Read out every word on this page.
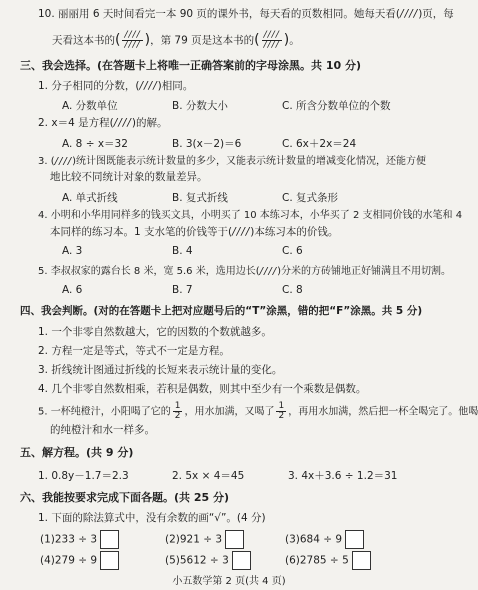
10. 丽丽用 6 天时间看完一本 90 页的课外书，每天看的页数相同。她每天看(////)页，每
天看这本书的( $\frac{////}{////}$ )，第 79 页是这本书的( $\frac{////}{////}$ )。
三、我会选择。(在答题卡上将唯一正确答案前的字母涂黑。共 10 分)
1. 分子相同的分数，(////)相同。
A. 分数单位	B. 分数大小	C. 所含分数单位的个数
2. x＝4 是方程(////)的解。
A. 8 ÷ x＝32	B. 3(x－2)＝6	C. 6x＋2x＝24
3. (////)统计图既能表示统计数量的多少，又能表示统计数量的增减变化情况，还能方便
地比较不同统计对象的数量差异。
A. 单式折线	B. 复式折线	C. 复式条形
4. 小明和小华用同样多的钱买文具，小明买了 10 本练习本，小华买了 2 支相同价钱的水笔和 4
本同样的练习本。1 支水笔的价钱等于(////)本练习本的价钱。
A. 3	B. 4	C. 6
5. 李叔叔家的露台长 8 米，宽 5.6 米，选用边长(////)分米的方砖铺地正好铺满且不用切割。
A. 6	B. 7	C. 8
四、我会判断。(对的在答题卡上把对应题号后的“T”涂黑，错的把“F”涂黑。共 5 分)
1. 一个非零自然数越大，它的因数的个数就越多。
2. 方程一定是等式，等式不一定是方程。
3. 折线统计图通过折线的长短来表示统计量的变化。
4. 几个非零自然数相乘，若积是偶数，则其中至少有一个乘数是偶数。
5. 一杯纯橙汁，小阳喝了它的 $\frac{1}{2}$ ，用水加满，又喝了 $\frac{1}{2}$ ，再用水加满，然后把一杯全喝完了。他喝
的纯橙汁和水一样多。
五、解方程。(共 9 分)
1. 0.8y－1.7＝2.3	2. 5x × 4＝45	3. 4x＋3.6 ÷ 1.2＝31
六、我能按要求完成下面各题。(共 25 分)
1. 下面的除法算式中，没有余数的画“√”。(4 分)
(1)233 ÷ 3	(2)921 ÷ 3	(3)684 ÷ 9
(4)279 ÷ 9	(5)5612 ÷ 3	(6)2785 ÷ 5
小五数学第 2 页(共 4 页)
